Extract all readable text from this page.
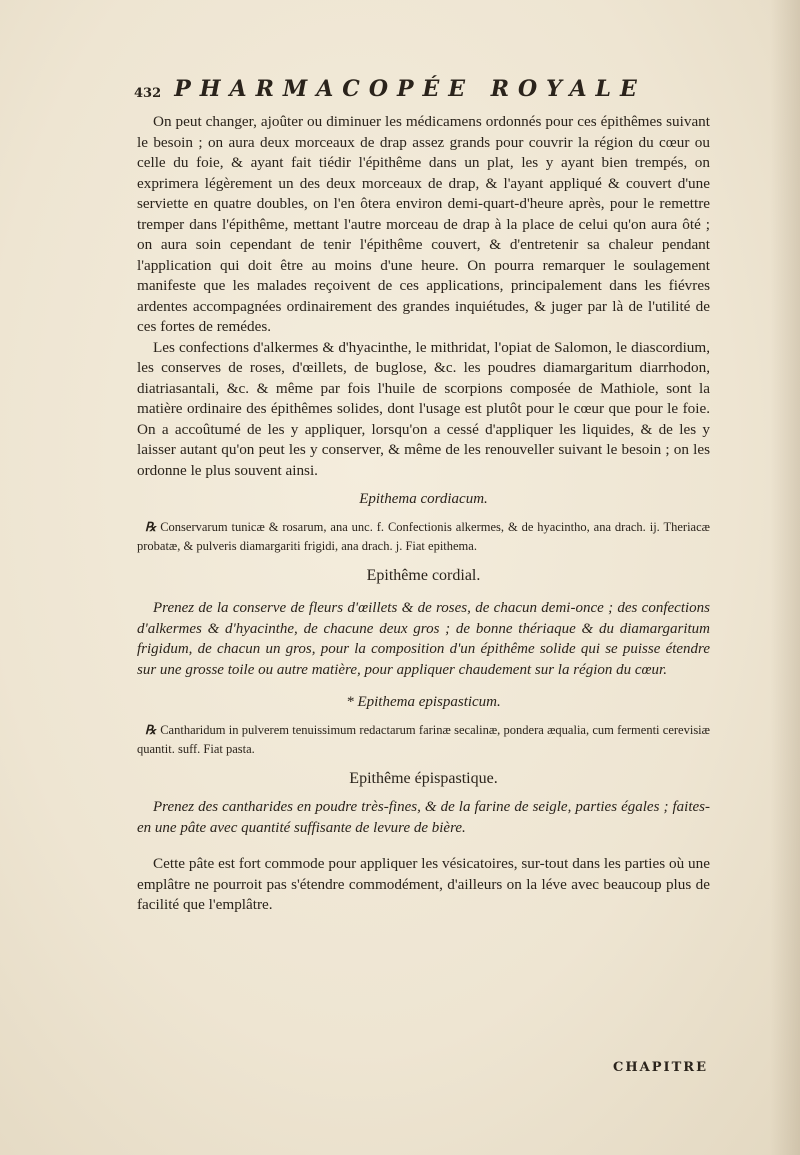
432 PHARMACOPÉE ROYALE

On peut changer, ajoûter ou diminuer les médicamens ordonnés pour ces épithêmes suivant le besoin ; on aura deux morceaux de drap assez grands pour couvrir la région du cœur ou celle du foie, & ayant fait tiédir l'épithême dans un plat, les y ayant bien trempés, on exprimera légèrement un des deux morceaux de drap, & l'ayant appliqué & couvert d'une serviette en quatre doubles, on l'en ôtera environ demi-quart-d'heure après, pour le remettre tremper dans l'épithême, mettant l'autre morceau de drap à la place de celui qu'on aura ôté ; on aura soin cependant de tenir l'épithême couvert, & d'entretenir sa chaleur pendant l'application qui doit être au moins d'une heure. On pourra remarquer le soulagement manifeste que les malades reçoivent de ces applications, principalement dans les fiévres ardentes accompagnées ordinairement des grandes inquiétudes, & juger par là de l'utilité de ces fortes de remédes.

Les confections d'alkermes & d'hyacinthe, le mithridat, l'opiat de Salomon, le diascordium, les conserves de roses, d'œillets, de buglose, &c. les poudres diamargaritum diarrhodon, diatriasantali, &c. & même par fois l'huile de scorpions composée de Mathiole, sont la matière ordinaire des épithêmes solides, dont l'usage est plutôt pour le cœur que pour le foie. On a accoûtumé de les y appliquer, lorsqu'on a cessé d'appliquer les liquides, & de les y laisser autant qu'on peut les y conserver, & même de les renouveller suivant le besoin ; on les ordonne le plus souvent ainsi.

Epithema cordiacum.

℞ Conservarum tunicæ & rosarum, ana unc. f. Confectionis alkermes, & de hyacintho, ana drach. ij. Theriacæ probatæ, & pulveris diamargariti frigidi, ana drach. j. Fiat epithema.

Epithême cordial.

Prenez de la conserve de fleurs d'œillets & de roses, de chacun demi-once ; des confections d'alkermes & d'hyacinthe, de chacune deux gros ; de bonne thériaque & du diamargaritum frigidum, de chacun un gros, pour la composition d'un épithême solide qui se puisse étendre sur une grosse toile ou autre matière, pour appliquer chaudement sur la région du cœur.

* Epithema epispasticum.

℞ Cantharidum in pulverem tenuissimum redactarum farinæ secalinæ, pondera æqualia, cum fermenti cerevisiæ quantit. suff. Fiat pasta.

Epithême épispastique.

Prenez des cantharides en poudre très-fines, & de la farine de seigle, parties égales ; faites-en une pâte avec quantité suffisante de levure de bière.

Cette pâte est fort commode pour appliquer les vésicatoires, sur-tout dans les parties où une emplâtre ne pourroit pas s'étendre commodément, d'ailleurs on la léve avec beaucoup plus de facilité que l'emplâtre.

CHAPITRE
